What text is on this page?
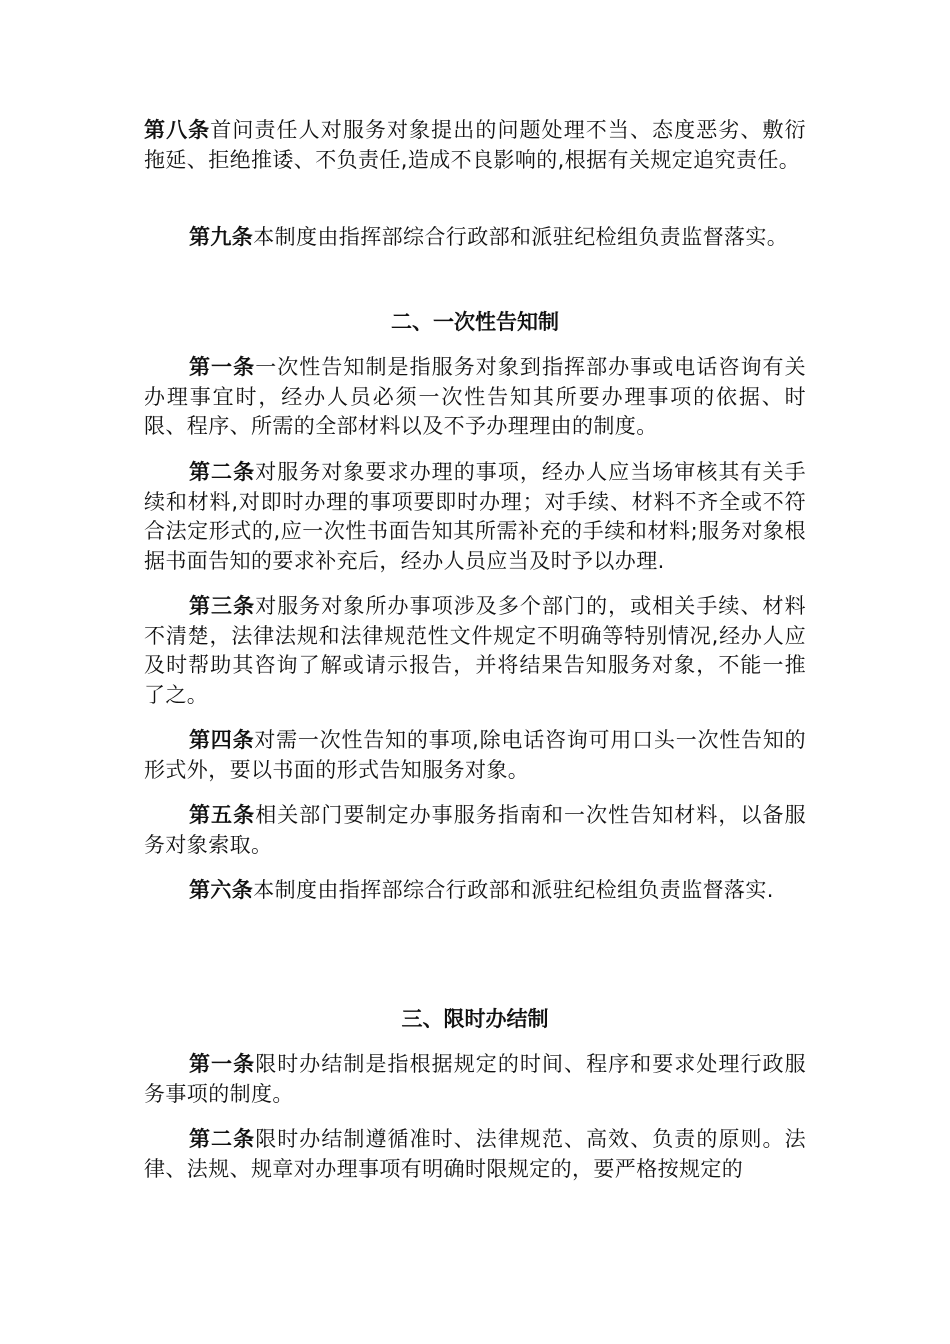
第八条首问责任人对服务对象提出的问题处理不当、态度恶劣、敷衍拖延、拒绝推诿、不负责任,造成不良影响的,根据有关规定追究责任。

第九条本制度由指挥部综合行政部和派驻纪检组负责监督落实。

二、一次性告知制

第一条一次性告知制是指服务对象到指挥部办事或电话咨询有关办理事宜时，经办人员必须一次性告知其所要办理事项的依据、时限、程序、所需的全部材料以及不予办理理由的制度。

第二条对服务对象要求办理的事项，经办人应当场审核其有关手续和材料,对即时办理的事项要即时办理；对手续、材料不齐全或不符合法定形式的,应一次性书面告知其所需补充的手续和材料;服务对象根据书面告知的要求补充后，经办人员应当及时予以办理.

第三条对服务对象所办事项涉及多个部门的，或相关手续、材料不清楚，法律法规和法律规范性文件规定不明确等特别情况,经办人应及时帮助其咨询了解或请示报告，并将结果告知服务对象，不能一推了之。

第四条对需一次性告知的事项,除电话咨询可用口头一次性告知的形式外，要以书面的形式告知服务对象。

第五条相关部门要制定办事服务指南和一次性告知材料，以备服务对象索取。

第六条本制度由指挥部综合行政部和派驻纪检组负责监督落实.

三、限时办结制

第一条限时办结制是指根据规定的时间、程序和要求处理行政服务事项的制度。

第二条限时办结制遵循准时、法律规范、高效、负责的原则。法律、法规、规章对办理事项有明确时限规定的，要严格按规定的
